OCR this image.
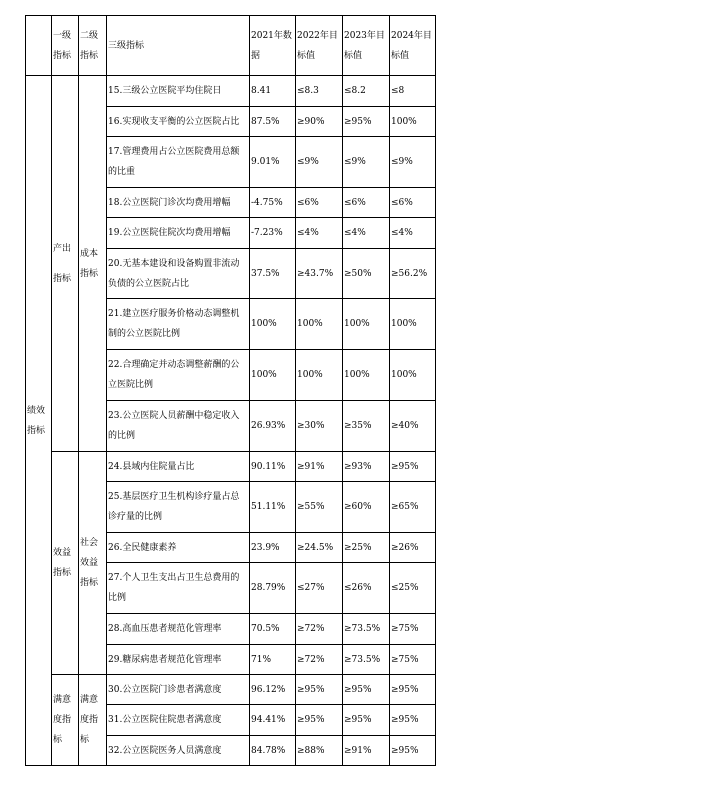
	一级指标	二级指标	三级指标	2021年数据	2022年目标值	2023年目标值	2024年目标值
绩效指标	产出指标	成本指标	15.三级公立医院平均住院日	8.41	≤8.3	≤8.2	≤8
			16.实现收支平衡的公立医院占比	87.5%	≥90%	≥95%	100%
			17.管理费用占公立医院费用总额的比重	9.01%	≤9%	≤9%	≤9%
			18.公立医院门诊次均费用增幅	-4.75%	≤6%	≤6%	≤6%
			19.公立医院住院次均费用增幅	-7.23%	≤4%	≤4%	≤4%
			20.无基本建设和设备购置非流动负债的公立医院占比	37.5%	≥43.7%	≥50%	≥56.2%
			21.建立医疗服务价格动态调整机制的公立医院比例	100%	100%	100%	100%
			22.合理确定并动态调整薪酬的公立医院比例	100%	100%	100%	100%
			23.公立医院人员薪酬中稳定收入的比例	26.93%	≥30%	≥35%	≥40%
	效益指标	社会效益指标	24.县域内住院量占比	90.11%	≥91%	≥93%	≥95%
			25.基层医疗卫生机构诊疗量占总诊疗量的比例	51.11%	≥55%	≥60%	≥65%
			26.全民健康素养	23.9%	≥24.5%	≥25%	≥26%
			27.个人卫生支出占卫生总费用的比例	28.79%	≤27%	≤26%	≤25%
			28.高血压患者规范化管理率	70.5%	≥72%	≥73.5%	≥75%
			29.糖尿病患者规范化管理率	71%	≥72%	≥73.5%	≥75%
	满意度指标	满意度指标	30.公立医院门诊患者满意度	96.12%	≥95%	≥95%	≥95%
			31.公立医院住院患者满意度	94.41%	≥95%	≥95%	≥95%
			32.公立医院医务人员满意度	84.78%	≥88%	≥91%	≥95%
